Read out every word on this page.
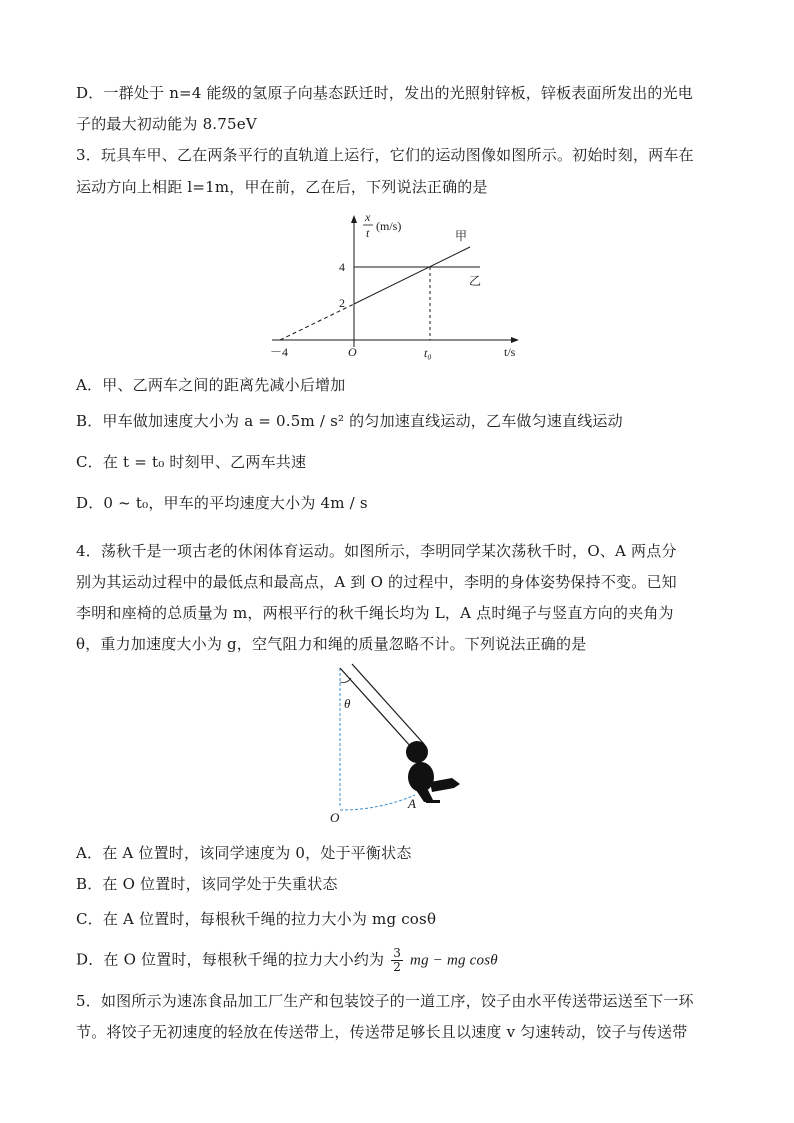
D．一群处于 n=4 能级的氢原子向基态跃迁时，发出的光照射锌板，锌板表面所发出的光电
子的最大初动能为 8.75eV
3．玩具车甲、乙在两条平行的直轨道上运行，它们的运动图像如图所示。初始时刻，两车在
运动方向上相距 l=1m，甲在前，乙在后，下列说法正确的是
x
t (m/s)
甲
乙
4
2
－4	O	t₀	t/s
A．甲、乙两车之间的距离先减小后增加
B．甲车做加速度大小为 a = 0.5m / s² 的匀加速直线运动，乙车做匀速直线运动
C．在 t = t₀ 时刻甲、乙两车共速
D．0 ~ t₀，甲车的平均速度大小为 4m / s
4．荡秋千是一项古老的休闲体育运动。如图所示，李明同学某次荡秋千时，O、A 两点分
别为其运动过程中的最低点和最高点，A 到 O 的过程中，李明的身体姿势保持不变。已知
李明和座椅的总质量为 m，两根平行的秋千绳长均为 L，A 点时绳子与竖直方向的夹角为
θ，重力加速度大小为 g，空气阻力和绳的质量忽略不计。下列说法正确的是
θ
O
A
A．在 A 位置时，该同学速度为 0，处于平衡状态
B．在 O 位置时，该同学处于失重状态
C．在 A 位置时，每根秋千绳的拉力大小为 mg cosθ
D．在 O 位置时，每根秋千绳的拉力大小约为 $\frac{3}{2}$ mg − mg cosθ
5．如图所示为速冻食品加工厂生产和包装饺子的一道工序，饺子由水平传送带运送至下一环
节。将饺子无初速度的轻放在传送带上，传送带足够长且以速度 v 匀速转动，饺子与传送带
